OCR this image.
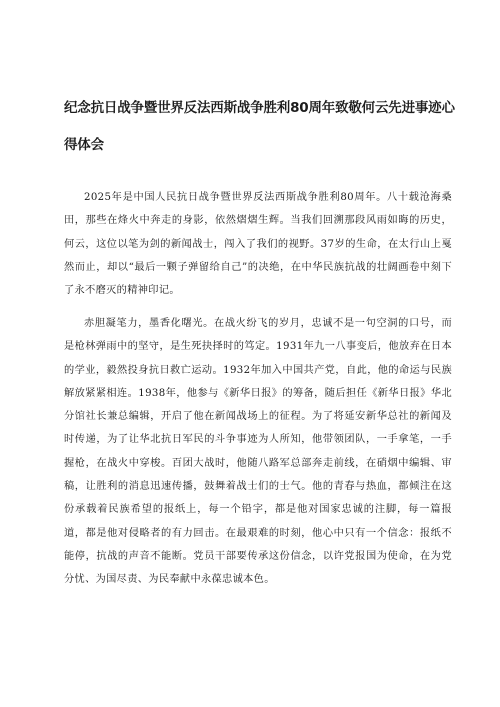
纪念抗日战争暨世界反法西斯战争胜利80周年致敬何云先进事迹心
得体会

2025年是中国人民抗日战争暨世界反法西斯战争胜利80周年。八十载沧海桑田，那些在烽火中奔走的身影，依然熠熠生辉。当我们回溯那段风雨如晦的历史，何云，这位以笔为剑的新闻战士，闯入了我们的视野。37岁的生命，在太行山上戛然而止，却以“最后一颗子弹留给自己”的决绝，在中华民族抗战的壮阔画卷中刻下了永不磨灭的精神印记。

赤胆凝笔力，墨香化曙光。在战火纷飞的岁月，忠诚不是一句空洞的口号，而是枪林弹雨中的坚守，是生死抉择时的笃定。1931年九一八事变后，他放弃在日本的学业，毅然投身抗日救亡运动。1932年加入中国共产党，自此，他的命运与民族解放紧紧相连。1938年，他参与《新华日报》的筹备，随后担任《新华日报》华北分馆社长兼总编辑，开启了他在新闻战场上的征程。为了将延安新华总社的新闻及时传递，为了让华北抗日军民的斗争事迹为人所知，他带领团队，一手拿笔，一手握枪，在战火中穿梭。百团大战时，他随八路军总部奔走前线，在硝烟中编辑、审稿，让胜利的消息迅速传播，鼓舞着战士们的士气。他的青春与热血，都倾注在这份承载着民族希望的报纸上，每一个铅字，都是他对国家忠诚的注脚，每一篇报道，都是他对侵略者的有力回击。在最艰难的时刻，他心中只有一个信念：报纸不能停，抗战的声音不能断。党员干部要传承这份信念，以许党报国为使命，在为党分忧、为国尽责、为民奉献中永葆忠诚本色。
